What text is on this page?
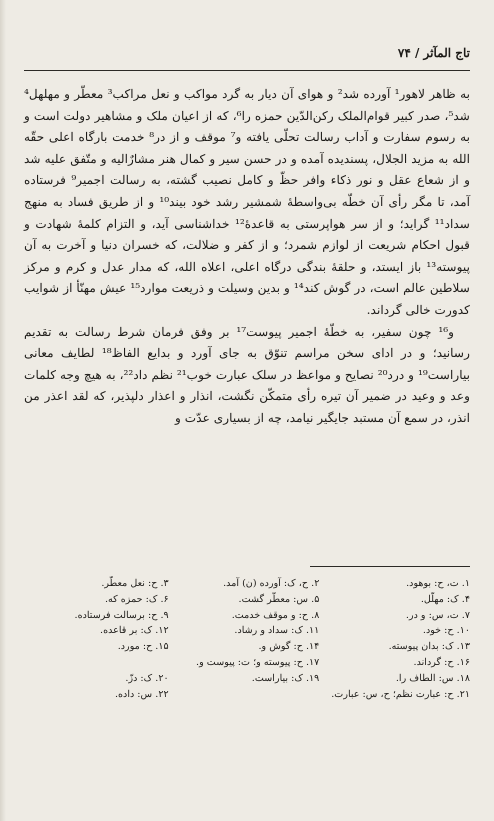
تاج المآثر / ۷۴

به ظاهر لاهور¹ آورده شد² و هوای آن دیار به گرد مواکب و نعل مراکب³ معطّر و مهلهل⁴ شد⁵، صدر کبیر قوام‌الملک رکن‌الدّین حمزه را⁶، که از اعیان ملک و مشاهیر دولت است و به رسوم سفارت و آداب رسالت تحلّی یافته و⁷ موقف و از در⁸ خدمت بارگاه اعلی حقّه الله به مزید الجلال، پسندیده آمده و در حسن سیر و کمال هنر مشارٌالیه و متّفق علیه شد و از شعاع عقل و نور ذکاء وافر حظّ و کامل نصیب گشته، به رسالت اجمیر⁹ فرستاده آمد، تا مگر رأی آن خطّه بی‌واسطهٔ شمشیر رشد خود بیند¹⁰ و از طریق فساد به منهج سداد¹¹ گراید؛ و از سر هواپرستی به قاعدهٔ¹² خداشناسی آید، و التزام کلمهٔ شهادت و قبول احکام شریعت از لوازم شمرد؛ و از کفر و ضلالت، که خسران دنیا و آخرت به آن پیوسته¹³ باز ایستد، و حلقهٔ بندگی درگاه اعلی، اعلاه الله، که مدار عدل و کرم و مرکز سلاطین عالم است، در گوش کند¹⁴ و بدین وسیلت و ذریعت موارد¹⁵ عیش مهنّأ از شوایب کدورت خالی گرداند.

و¹⁶ چون سفیر، به خطّهٔ اجمیر پیوست¹⁷ بر وفق فرمان شرط رسالت به تقدیم رسانید؛ و در ادای سخن مراسم تنوّق به جای آورد و بدایع الفاظ¹⁸ لطایف معانی بیاراست¹⁹ و درد²⁰ نصایح و مواعظ در سلک عبارت خوب²¹ نظم داد²²، به هیچ وجه کلمات وعد و وعید در ضمیر آن تیره رأی متمکّن نگشت، انذار و اعذار دلپذیر، که لقد اعذر من انذر، در سمع آن مستبد جایگیر نیامد، چه از بسیاری عدّت و

۱. ت، ح: بوهود.
۲. ح، ک: آورده (ن) آمد.
۳. ح: نعل معطّر.
۴. ک: مهلّل.
۵. س: معطّر گشت.
۶. ک: حمزه که.
۷. ت، س: و در.
۸. ح: و موقف خدمت.
۹. ح: برسالت فرستاده.
۱۰. ح: خود.
۱۱. ک: سداد و رشاد.
۱۲. ک: بر قاعده.
۱۳. ک: بدان پیوسته.
۱۴. ح: گوش و.
۱۵. ح: مورد.
۱۶. ح: گرداند.
۱۷. ح: پیوسته و؛ ت: پیوست و.
۱۸. س: الطاف را.
۱۹. ک: بیاراست.
۲۰. ک: دزّ.
۲۱. ح: عبارت نظم؛ ح، س: عبارت.
۲۲. س: داده.
